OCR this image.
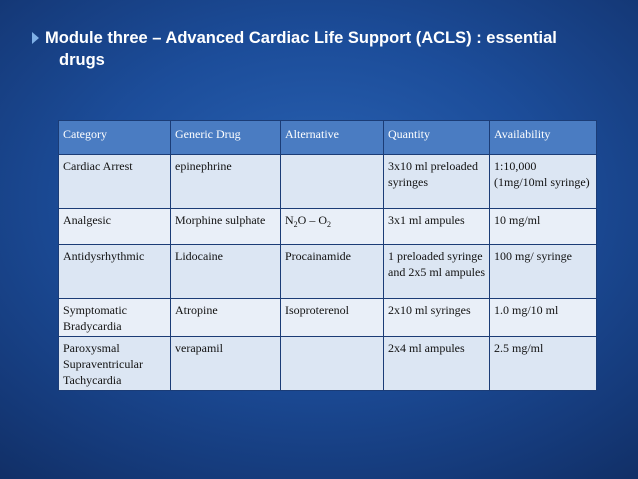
Module three – Advanced Cardiac Life Support (ACLS) : essential
drugs
Category	Generic Drug	Alternative	Quantity	Availability
Cardiac Arrest	epinephrine		3x10 ml preloaded syringes	1:10,000 (1mg/10ml syringe)
Analgesic	Morphine sulphate	$N_2O - O_2$	3x1 ml ampules	10 mg/ml
Antidysrhythmic	Lidocaine	Procainamide	1 preloaded syringe and 2x5 ml ampules	100 mg/ syringe
Symptomatic Bradycardia	Atropine	Isoproterenol	2x10 ml syringes	1.0 mg/10 ml
Paroxysmal Supraventricular Tachycardia	verapamil		2x4 ml ampules	2.5 mg/ml
